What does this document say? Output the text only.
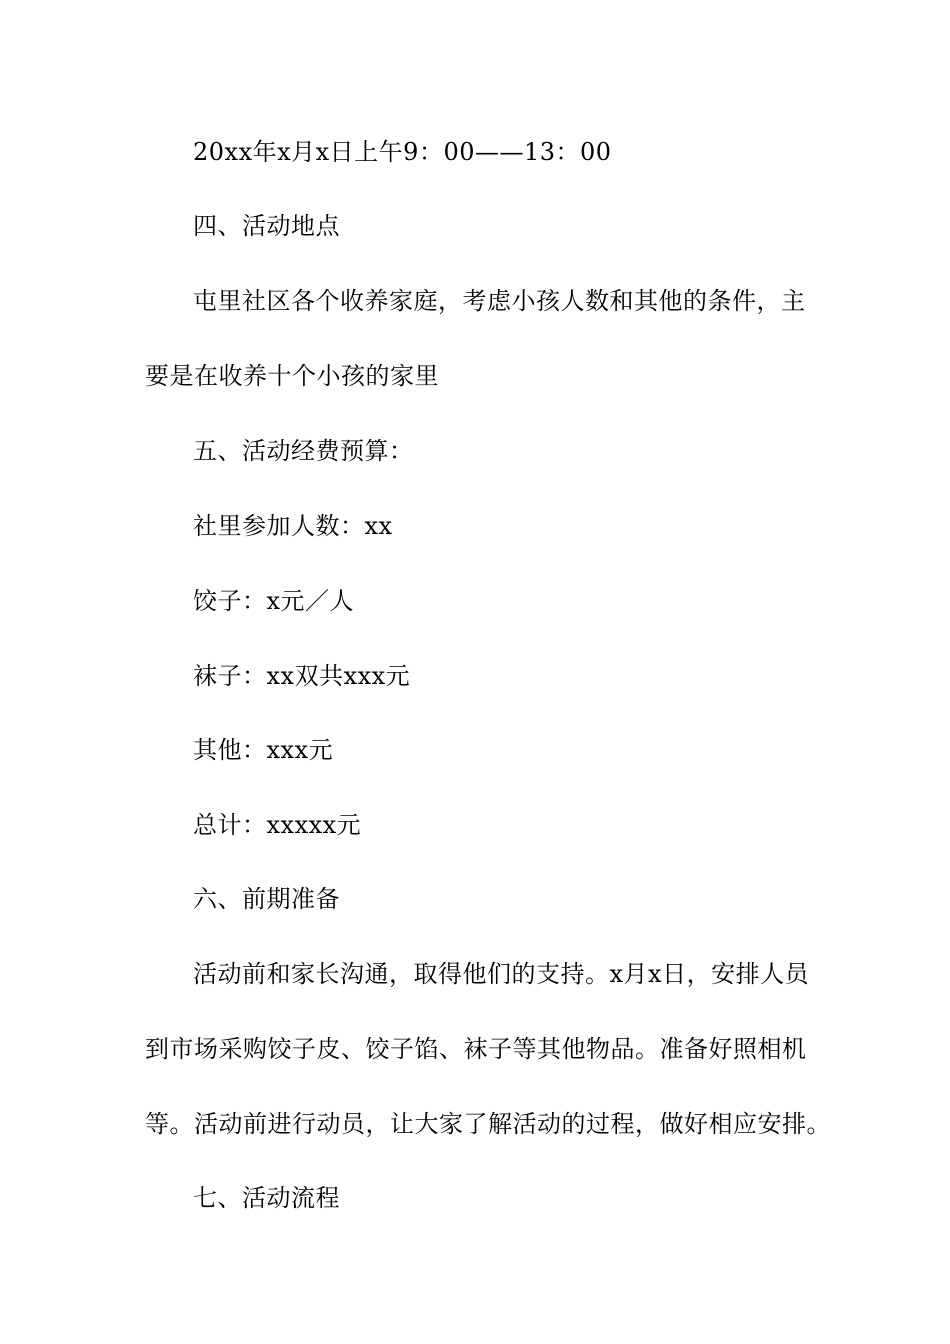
20xx年x月x日上午9：00——13：00
四、活动地点
屯里社区各个收养家庭，考虑小孩人数和其他的条件，主
要是在收养十个小孩的家里
五、活动经费预算：
社里参加人数：xx
饺子：x元／人
袜子：xx双共xxx元
其他：xxx元
总计：xxxxx元
六、前期准备
活动前和家长沟通，取得他们的支持。x月x日，安排人员
到市场采购饺子皮、饺子馅、袜子等其他物品。准备好照相机
等。活动前进行动员，让大家了解活动的过程，做好相应安排。
七、活动流程
